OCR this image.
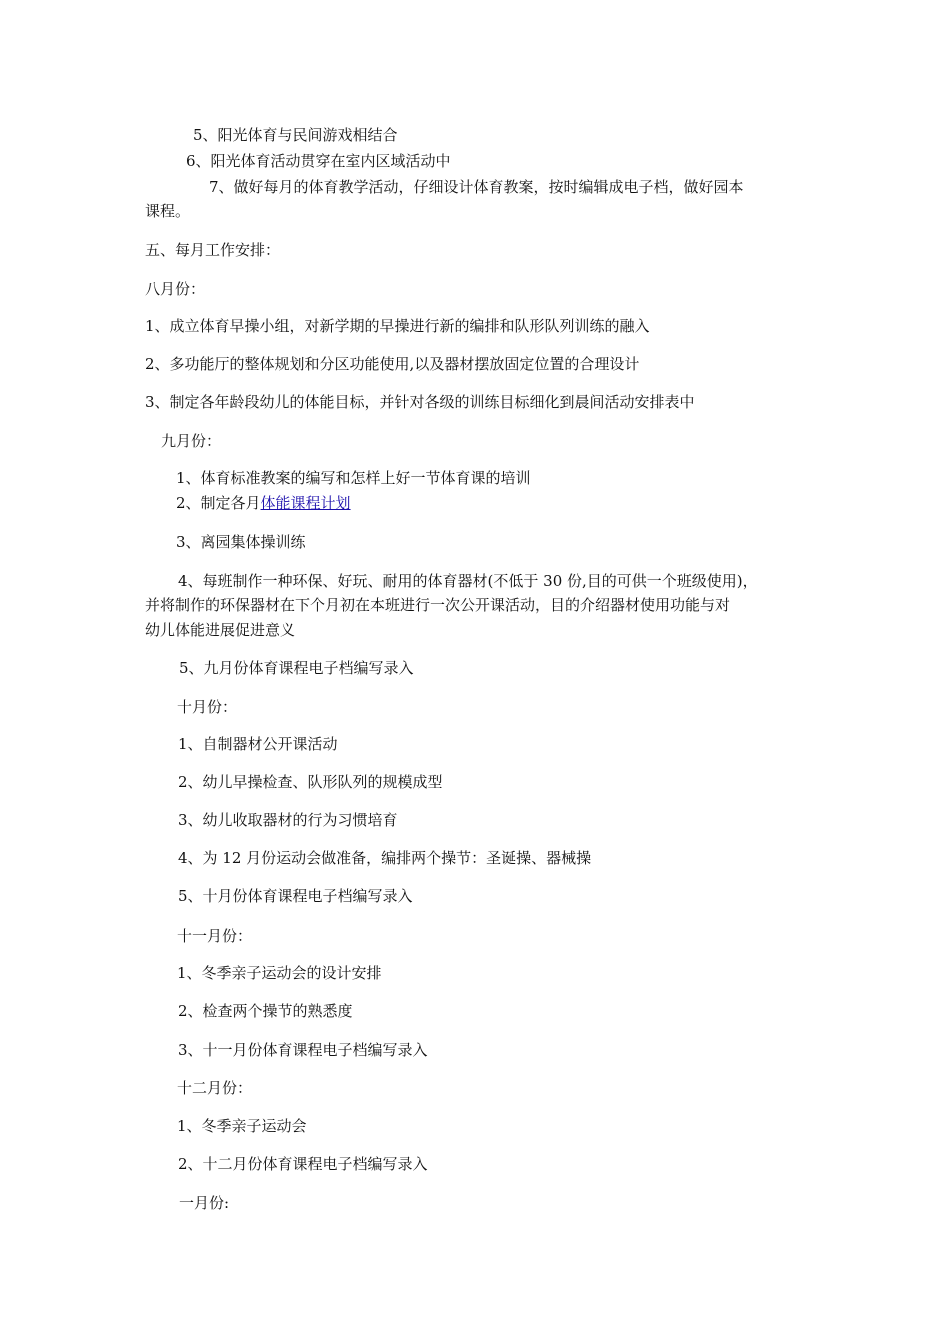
5、阳光体育与民间游戏相结合
6、阳光体育活动贯穿在室内区域活动中
7、做好每月的体育教学活动，仔细设计体育教案，按时编辑成电子档，做好园本
课程。
五、每月工作安排：
八月份：
1、成立体育早操小组，对新学期的早操进行新的编排和队形队列训练的融入
2、多功能厅的整体规划和分区功能使用,以及器材摆放固定位置的合理设计
3、制定各年龄段幼儿的体能目标，并针对各级的训练目标细化到晨间活动安排表中
九月份：
1、体育标准教案的编写和怎样上好一节体育课的培训
2、制定各月体能课程计划
3、离园集体操训练
4、每班制作一种环保、好玩、耐用的体育器材(不低于 30 份,目的可供一个班级使用)，
并将制作的环保器材在下个月初在本班进行一次公开课活动，目的介绍器材使用功能与对
幼儿体能进展促进意义
5、九月份体育课程电子档编写录入
十月份：
1、自制器材公开课活动
2、幼儿早操检查、队形队列的规模成型
3、幼儿收取器材的行为习惯培育
4、为 12 月份运动会做准备，编排两个操节：圣诞操、器械操
5、十月份体育课程电子档编写录入
十一月份：
1、冬季亲子运动会的设计安排
2、检查两个操节的熟悉度
3、十一月份体育课程电子档编写录入
十二月份：
1、冬季亲子运动会
2、十二月份体育课程电子档编写录入
一月份:
